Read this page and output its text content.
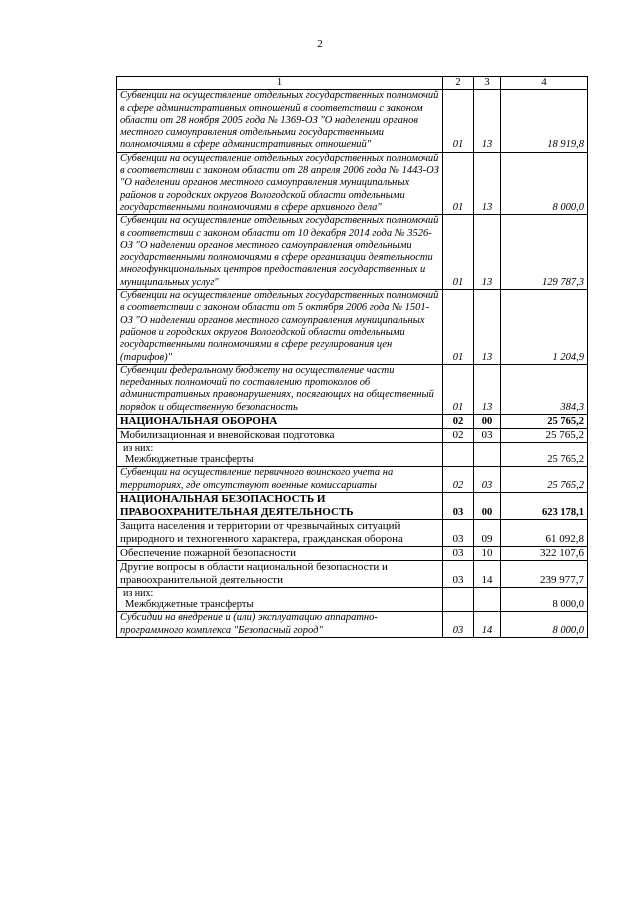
2
1	2	3	4
Субвенции на осуществление отдельных государственных полномочий в сфере административных отношений в соответствии с законом области от 28 ноября 2005 года № 1369-ОЗ "О наделении органов местного самоуправления отдельными государственными полномочиями в сфере административных отношений"	01	13	18 919,8
Субвенции на осуществление отдельных государственных полномочий в соответствии с законом области от 28 апреля 2006 года № 1443-ОЗ "О наделении органов местного самоуправления муниципальных районов и городских округов Вологодской области отдельными государственными полномочиями в сфере архивного дела"	01	13	8 000,0
Субвенции на осуществление отдельных государственных полномочий в соответствии с законом области от 10 декабря 2014 года № 3526-ОЗ "О наделении органов местного самоуправления отдельными государственными полномочиями в сфере организации деятельности многофункциональных центров предоставления государственных и муниципальных услуг"	01	13	129 787,3
Субвенции на осуществление отдельных государственных полномочий в соответствии с законом области от 5 октября 2006 года № 1501-ОЗ "О наделении органов местного самоуправления муниципальных районов и городских округов Вологодской области отдельными государственными полномочиями в сфере регулирования цен (тарифов)"	01	13	1 204,9
Субвенции федеральному бюджету на осуществление части переданных полномочий по составлению протоколов об административных правонарушениях, посягающих на общественный порядок и общественную безопасность	01	13	384,3
НАЦИОНАЛЬНАЯ ОБОРОНА	02	00	25 765,2
Мобилизационная и вневойсковая подготовка	02	03	25 765,2

из них:
Межбюджетные трансферты			25 765,2
Субвенции на осуществление первичного воинского учета на территориях, где отсутствуют военные комиссариаты	02	03	25 765,2
НАЦИОНАЛЬНАЯ БЕЗОПАСНОСТЬ И ПРАВООХРАНИТЕЛЬНАЯ ДЕЯТЕЛЬНОСТЬ	03	00	623 178,1
Защита населения и территории от чрезвычайных ситуаций природного и техногенного характера, гражданская оборона	03	09	61 092,8
Обеспечение пожарной безопасности	03	10	322 107,6
Другие вопросы в области национальной безопасности и правоохранительной деятельности	03	14	239 977,7

из них:
Межбюджетные трансферты			8 000,0
Субсидии на внедрение и (или) эксплуатацию аппаратно-программного комплекса "Безопасный город"	03	14	8 000,0
